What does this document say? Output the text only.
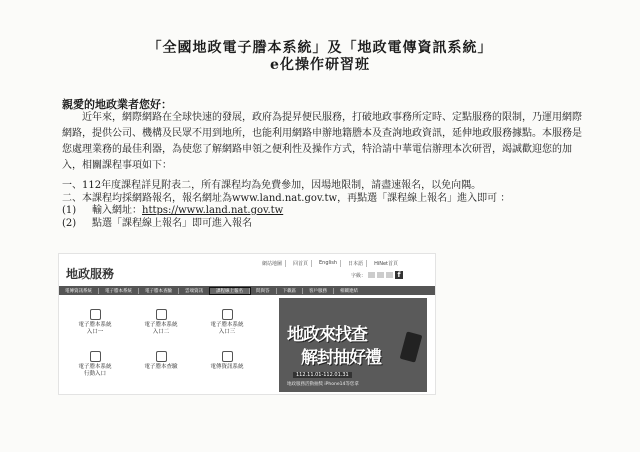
「全國地政電子謄本系統」及「地政電傳資訊系統」
e化操作研習班
親愛的地政業者您好：

近年來，網際網路在全球快速的發展，政府為提昇便民服務，打破地政事務所定時、定點服務的限制，乃運用網際網路，提供公司、機構及民眾不用到地所，也能利用網路申辦地籍謄本及查詢地政資訊，延伸地政服務據點。本服務是您處理業務的最佳利器，為使您了解網路申領之便利性及操作方式，特洽請中華電信辦理本次研習，竭誠歡迎您的加入，相關課程事項如下：

一、112年度課程詳見附表二，所有課程均為免費參加，因場地限制，請盡速報名，以免向隅。
二、本課程均採網路報名，報名網址為www.land.nat.gov.tw，再點選「課程線上報名」進入即可 ：
(1) 輸入網址：https://www.land.nat.gov.tw
(2) 點選「課程線上報名」即可進入報名
地政服務
網站地圖	回首頁	English	日本語	HiNet首頁
字級：	f
電傳資訊系統	電子謄本系統	電子謄本查驗	雲端資訊	課程線上報名	問與答	下載區	客戶服務	相關連結
電子謄本系統
入口一
電子謄本系統
入口二
電子謄本系統
入口三
電子謄本系統
行動入口
電子謄本查驗	電傳資訊系統
地政來找查
解封抽好禮
112.11.01-112.01.31
地政服務活動抽獎 iPhone14等您拿
